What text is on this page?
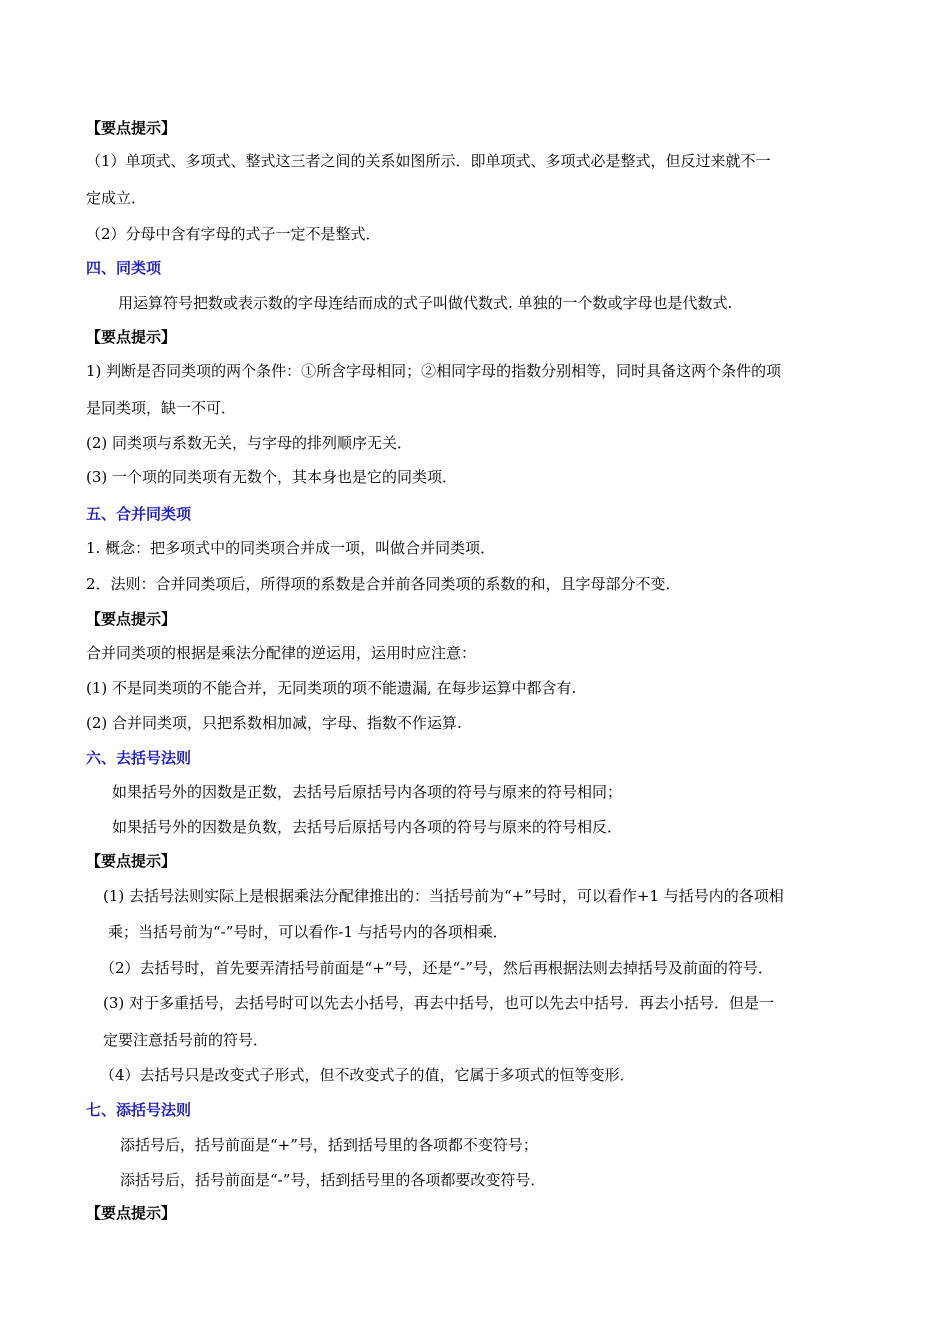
【要点提示】
（1）单项式、多项式、整式这三者之间的关系如图所示．即单项式、多项式必是整式，但反过来就不一
定成立．
（2）分母中含有字母的式子一定不是整式．
四、同类项
用运算符号把数或表示数的字母连结而成的式子叫做代数式. 单独的一个数或字母也是代数式.
【要点提示】
1) 判断是否同类项的两个条件：①所含字母相同；②相同字母的指数分别相等，同时具备这两个条件的项
是同类项，缺一不可．
(2) 同类项与系数无关，与字母的排列顺序无关．
(3) 一个项的同类项有无数个，其本身也是它的同类项．
五、合并同类项
1. 概念：把多项式中的同类项合并成一项，叫做合并同类项．
2．法则：合并同类项后，所得项的系数是合并前各同类项的系数的和，且字母部分不变．
【要点提示】
合并同类项的根据是乘法分配律的逆运用，运用时应注意：
(1) 不是同类项的不能合并，无同类项的项不能遗漏, 在每步运算中都含有.
(2) 合并同类项，只把系数相加减，字母、指数不作运算.
六、去括号法则
如果括号外的因数是正数，去括号后原括号内各项的符号与原来的符号相同；
如果括号外的因数是负数，去括号后原括号内各项的符号与原来的符号相反．
【要点提示】
(1) 去括号法则实际上是根据乘法分配律推出的：当括号前为“+”号时，可以看作+1 与括号内的各项相
乘；当括号前为“-”号时，可以看作-1 与括号内的各项相乘．
（2）去括号时，首先要弄清括号前面是“+”号，还是“-”号，然后再根据法则去掉括号及前面的符号．
(3) 对于多重括号，去括号时可以先去小括号，再去中括号，也可以先去中括号．再去小括号．但是一
定要注意括号前的符号．
（4）去括号只是改变式子形式，但不改变式子的值，它属于多项式的恒等变形．
七、添括号法则
添括号后，括号前面是“+”号，括到括号里的各项都不变符号；
添括号后，括号前面是“-”号，括到括号里的各项都要改变符号．
【要点提示】
